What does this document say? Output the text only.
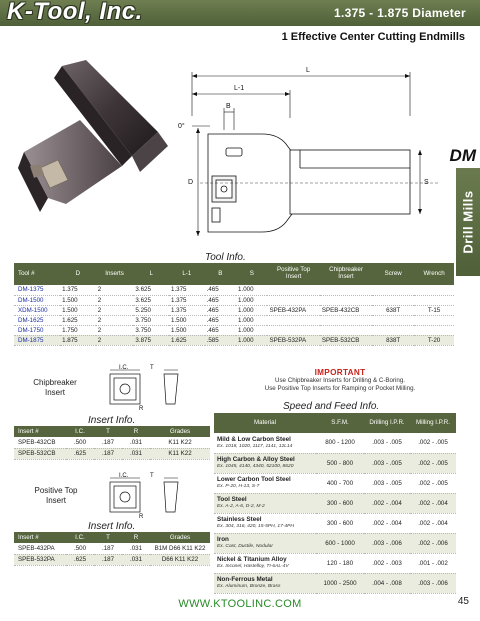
K-Tool, Inc.	1.375 - 1.875 Diameter
1 Effective Center Cutting Endmills
DM
Drill Mills
L
L-1
B
0°
D	S
Tool Info.
Tool #	D	Inserts	L	L-1	B	S	Positive Top Insert	Chipbreaker Insert	Screw	Wrench
DM-1375	1.375	2	3.625	1.375	.465	1.000				
DM-1500	1.500	2	3.625	1.375	.465	1.000				
XDM-1500	1.500	2	5.250	1.375	.465	1.000	SPEB-432PA	SPEB-432CB	638T	T-15
DM-1625	1.625	2	3.750	1.500	.465	1.000				
DM-1750	1.750	2	3.750	1.500	.465	1.000				
DM-1875	1.875	2	3.875	1.625	.585	1.000	SPEB-532PA	SPEB-532CB	838T	T-20
Chipbreaker
Insert
I.C.	T
R
IMPORTANT
Use Chipbreaker Inserts for Drilling & C-Boring.
Use Positive Top Inserts for Ramping or Pocket Milling.
Insert Info.
Insert #	I.C.	T	R	Grades
SPEB-432CB	.500	.187	.031	K11 K22
SPEB-532CB	.625	.187	.031	K11 K22
Positive Top
Insert
I.C.	T
R
Insert Info.
Insert #	I.C.	T	R	Grades
SPEB-432PA	.500	.187	.031	B1M D66 K11 K22
SPEB-532PA	.625	.187	.031	D66 K11 K22
Speed and Feed Info.
Material	S.F.M.	Drilling I.P.R.	Milling I.P.R.

Mild & Low Carbon Steel
Ex. 1018, 1020, 1117, 1141, 12L14	800 - 1200	.003 - .005	.002 - .005

High Carbon & Alloy Steel
Ex. 1045, 4140, 4340, 52100, 8620	500 - 800	.003 - .005	.002 - .005

Lower Carbon Tool Steel
Ex. P-20, H-13, S-7	400 - 700	.003 - .005	.002 - .005

Tool Steel
Ex. A-2, A-6, D-2, M-2	300 - 600	.002 - .004	.002 - .004

Stainless Steel
Ex. 304, 316, 420, 15-5PH, 17-4PH	300 - 600	.002 - .004	.002 - .004

Iron
Ex. Cast, Ductile, Nodular	600 - 1000	.003 - .006	.002 - .006

Nickel & Titanium Alloy
Ex. Inconel, Hastelloy, TI-6AL-4V	120 - 180	.002 - .003	.001 - .002

Non-Ferrous Metal
Ex. Aluminum, Bronze, Brass	1000 - 2500	.004 - .008	.003 - .006
WWW.KTOOLINC.COM	45
